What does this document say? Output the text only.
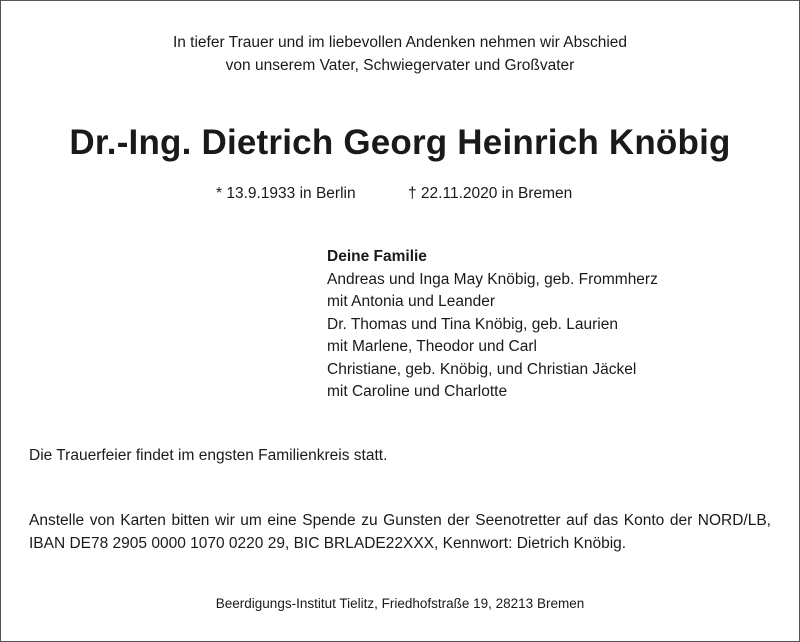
In tiefer Trauer und im liebevollen Andenken nehmen wir Abschied
von unserem Vater, Schwiegervater und Großvater
Dr.-Ing. Dietrich Georg Heinrich Knöbig
* 13.9.1933 in Berlin	† 22.11.2020 in Bremen
Deine Familie
Andreas und Inga May Knöbig, geb. Frommherz
mit Antonia und Leander
Dr. Thomas und Tina Knöbig, geb. Laurien
mit Marlene, Theodor und Carl
Christiane, geb. Knöbig, und Christian Jäckel
mit Caroline und Charlotte
Die Trauerfeier findet im engsten Familienkreis statt.
Anstelle von Karten bitten wir um eine Spende zu Gunsten der Seenotretter auf das Konto der NORD/LB, IBAN DE78 2905 0000 1070 0220 29, BIC BRLADE22XXX, Kennwort: Dietrich Knöbig.
Beerdigungs-Institut Tielitz, Friedhofstraße 19, 28213 Bremen
